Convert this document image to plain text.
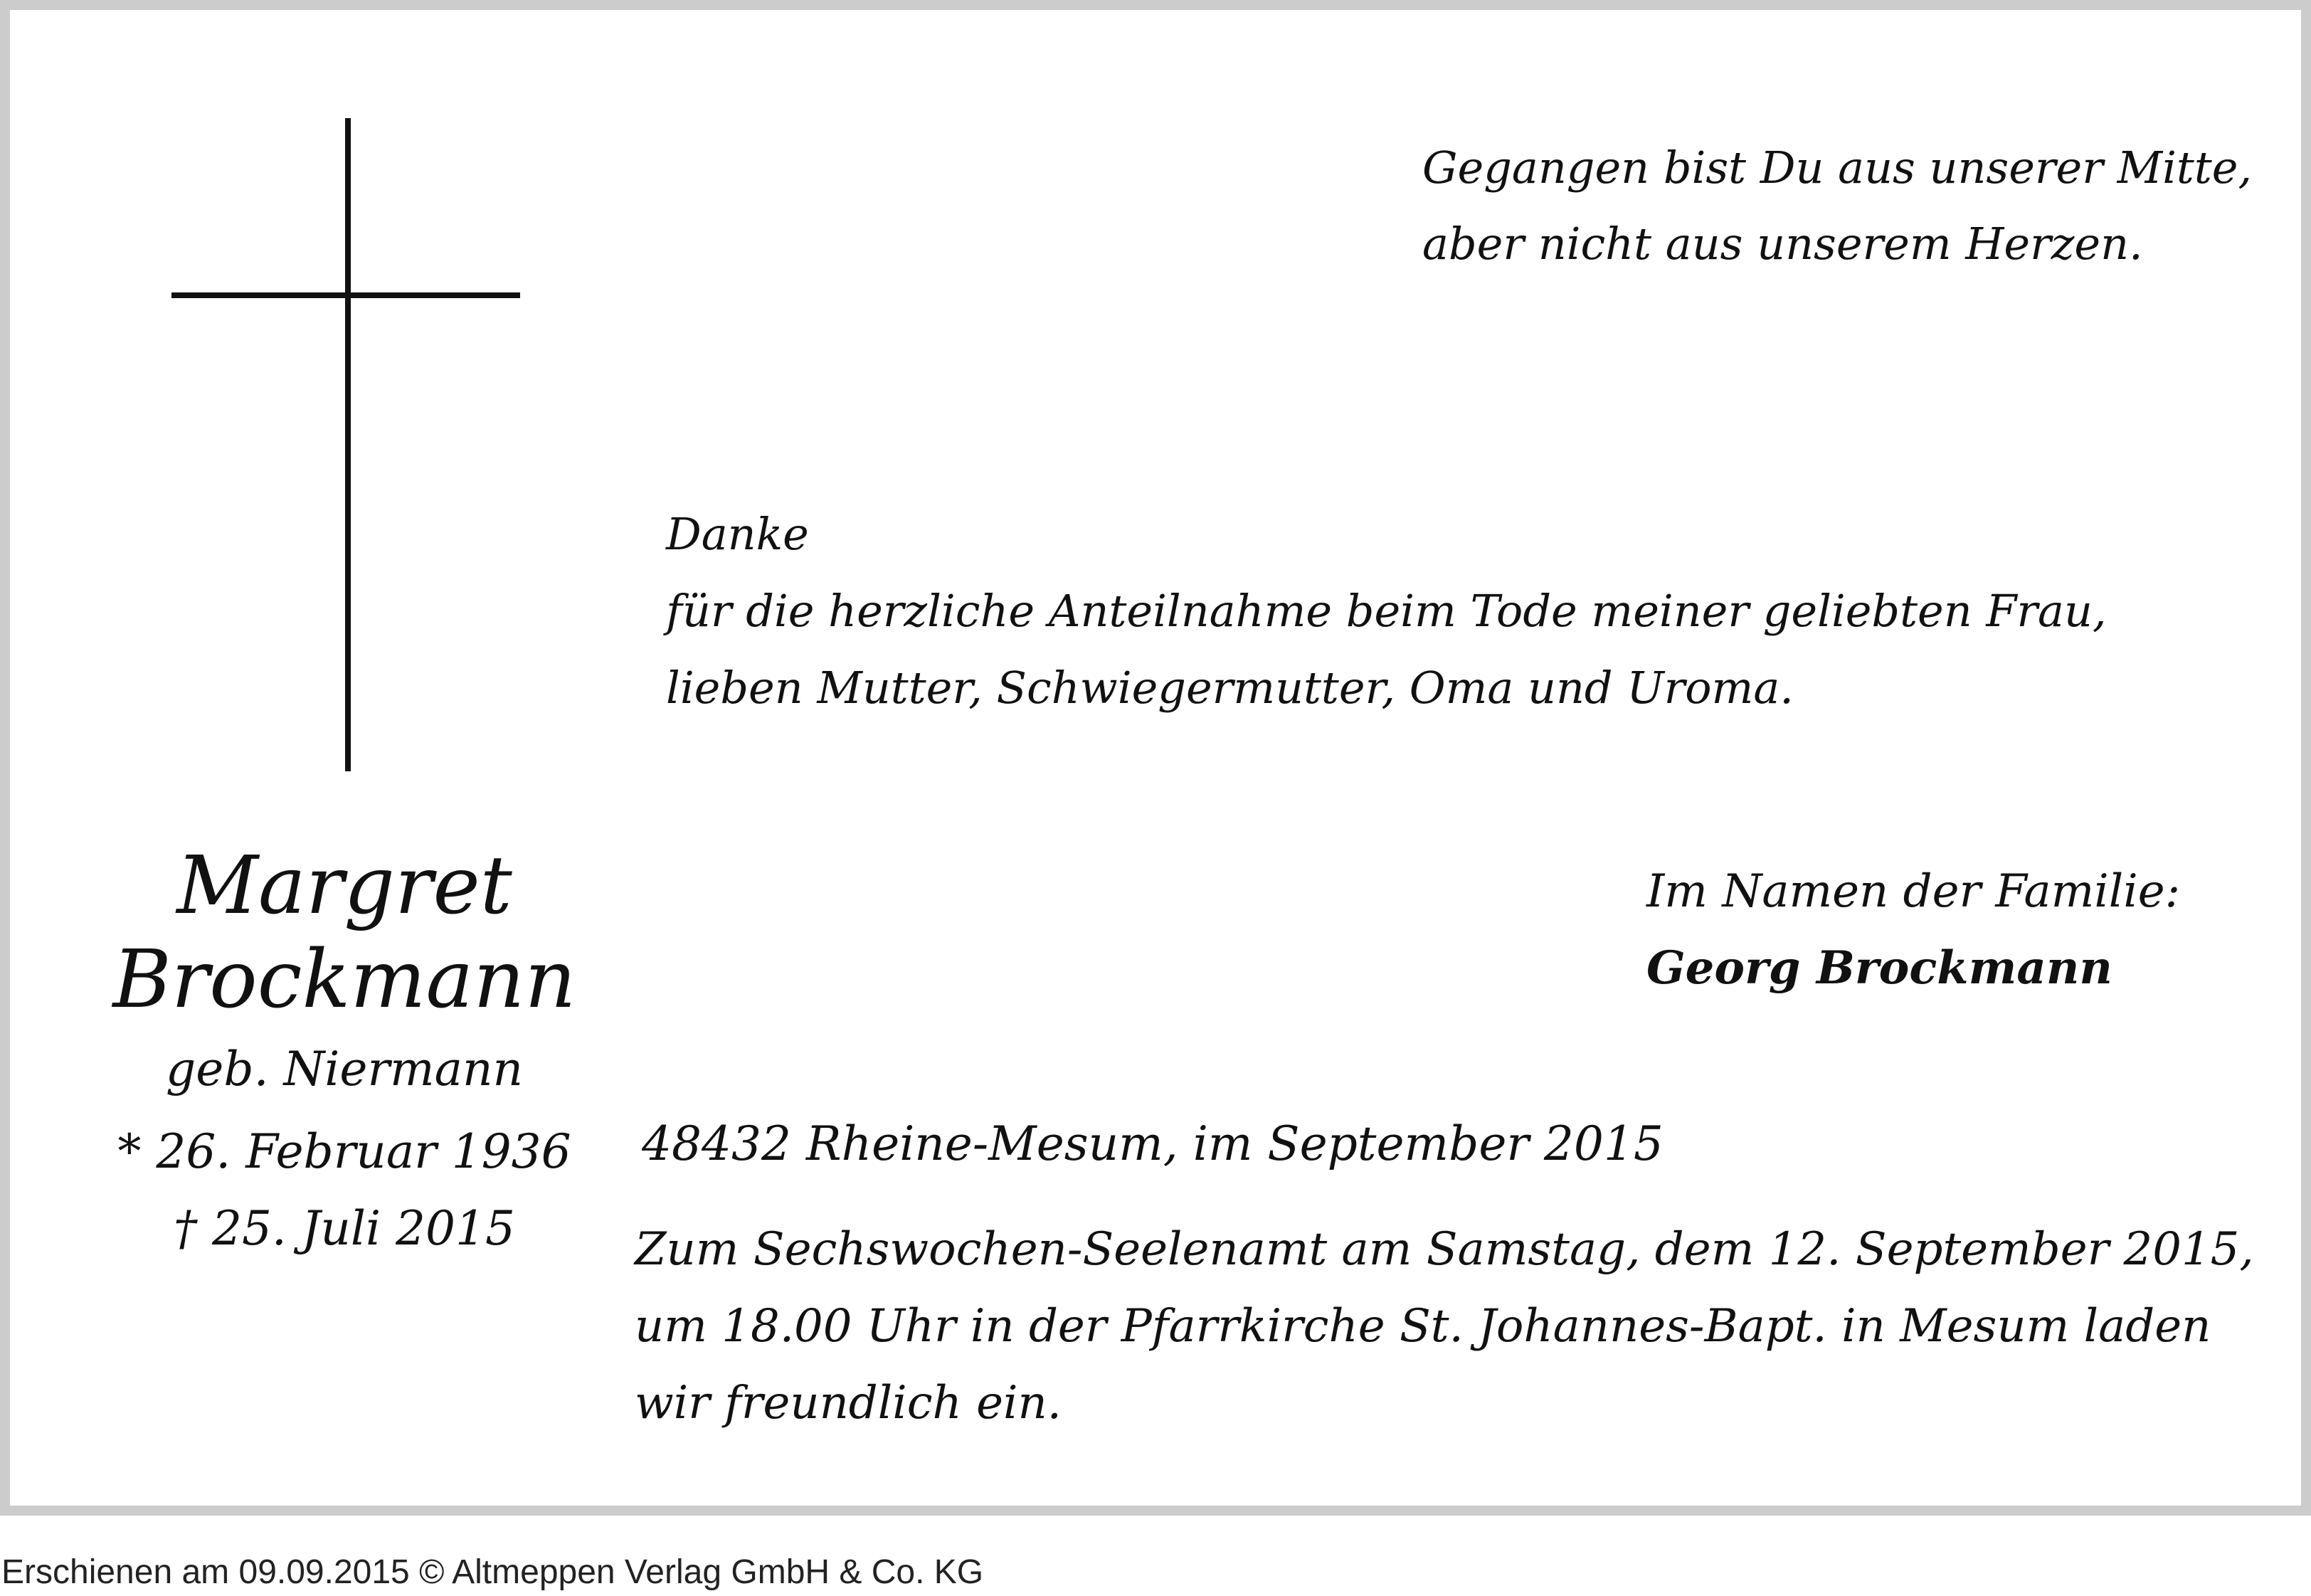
Gegangen bist Du aus unserer Mitte,
aber nicht aus unserem Herzen.
Danke
für die herzliche Anteilnahme beim Tode meiner geliebten Frau,
lieben Mutter, Schwiegermutter, Oma und Uroma.
Margret
Brockmann
geb. Niermann
* 26. Februar 1936
† 25. Juli 2015
Im Namen der Familie:
Georg Brockmann
48432 Rheine-Mesum, im September 2015
Zum Sechswochen-Seelenamt am Samstag, dem 12. September 2015,
um 18.00 Uhr in der Pfarrkirche St. Johannes-Bapt. in Mesum laden
wir freundlich ein.
Erschienen am 09.09.2015 © Altmeppen Verlag GmbH & Co. KG
